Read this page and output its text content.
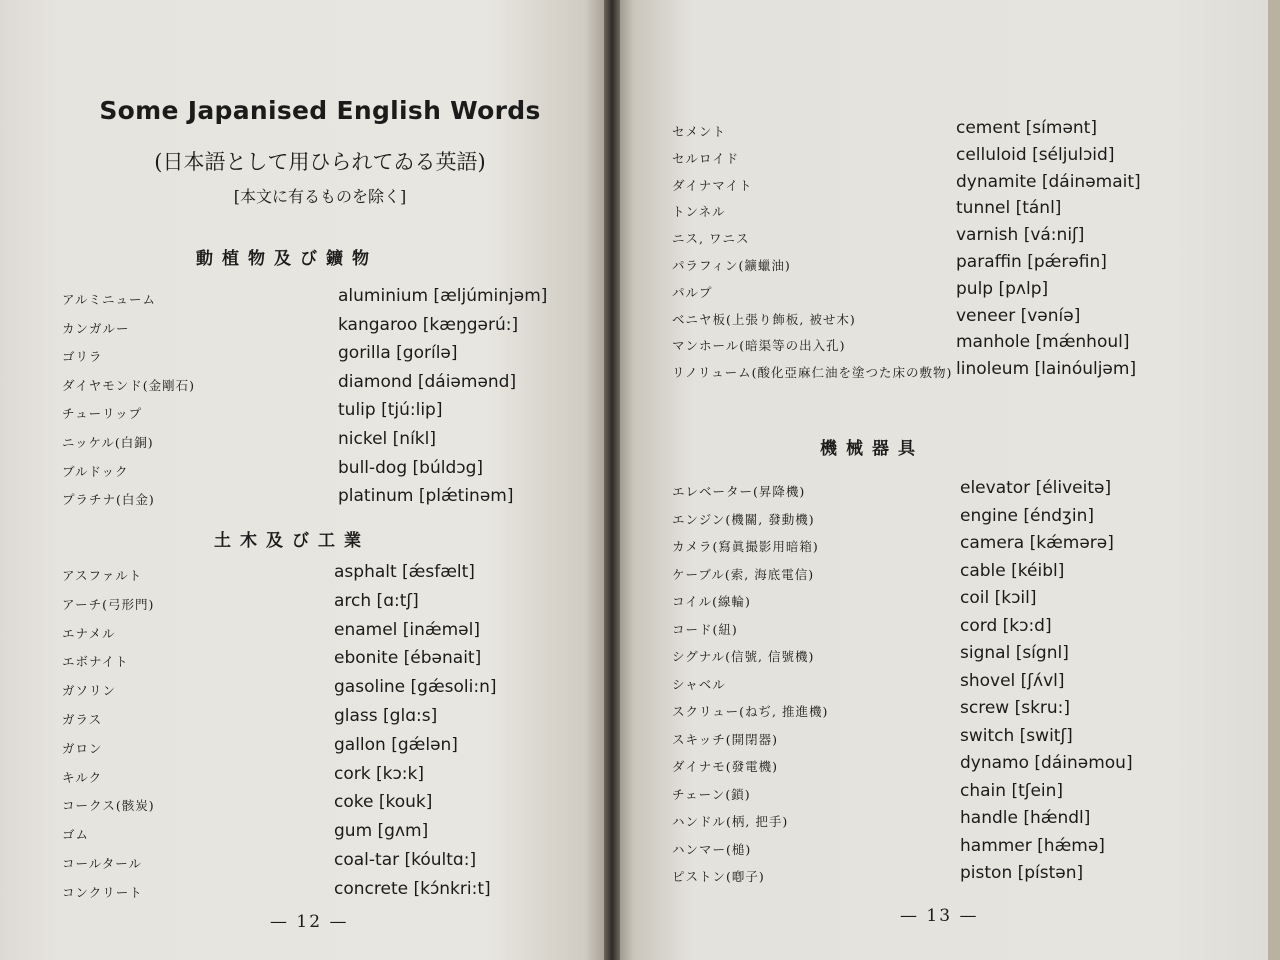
Some Japanised English Words
(日本語として用ひられてゐる英語)
[本文に有るものを除く]
動植物及び鑛物
アルミニューム	aluminium [æljúminjəm]
カンガルー	kangaroo [kæŋgərú:]
ゴリラ	gorilla [gorílə]
ダイヤモンド(金剛石)	diamond [dáiəmənd]
チューリップ	tulip [tjú:lip]
ニッケル(白銅)	nickel [níkl]
ブルドック	bull-dog [búldɔg]
プラチナ(白金)	platinum [plǽtinəm]
土木及び工業
アスファルト	asphalt [ǽsfælt]
アーチ(弓形門)	arch [ɑ:tʃ]
エナメル	enamel [inǽməl]
エボナイト	ebonite [ébənait]
ガソリン	gasoline [gǽsoli:n]
ガラス	glass [glɑ:s]
ガロン	gallon [gǽlən]
キルク	cork [kɔ:k]
コークス(骸炭)	coke [kouk]
ゴム	gum [gʌm]
コールタール	coal-tar [kóultɑ:]
コンクリート	concrete [kɔ́nkri:t]
— 12 —
セメント	cement [símənt]
セルロイド	celluloid [séljulɔid]
ダイナマイト	dynamite [dáinəmait]
トンネル	tunnel [tánl]
ニス, ワニス	varnish [vá:niʃ]
パラフィン(鑛蠟油)	paraffin [pǽrəfin]
パルプ	pulp [pʌlp]
ベニヤ板(上張り飾板, 被せ木)	veneer [vəníə]
マンホール(暗渠等の出入孔)	manhole [mǽnhoul]
リノリューム(酸化亞麻仁油を塗つた床の敷物) linoleum [lainóuljəm]
機械器具
エレベーター(昇降機)	elevator [éliveitə]
エンジン(機關, 發動機)	engine [éndʒin]
カメラ(寫眞撮影用暗箱)	camera [kǽmərə]
ケーブル(索, 海底電信)	cable [kéibl]
コイル(線輪)	coil [kɔil]
コード(紐)	cord [kɔ:d]
シグナル(信號, 信號機)	signal [sígnl]
シャベル	shovel [ʃʌ́vl]
スクリュー(ねぢ, 推進機)	screw [skru:]
スキッチ(開閉器)	switch [switʃ]
ダイナモ(發電機)	dynamo [dáinəmou]
チェーン(鎖)	chain [tʃein]
ハンドル(柄, 把手)	handle [hǽndl]
ハンマー(槌)	hammer [hǽmə]
ピストン(喞子)	piston [pístən]
— 13 —
